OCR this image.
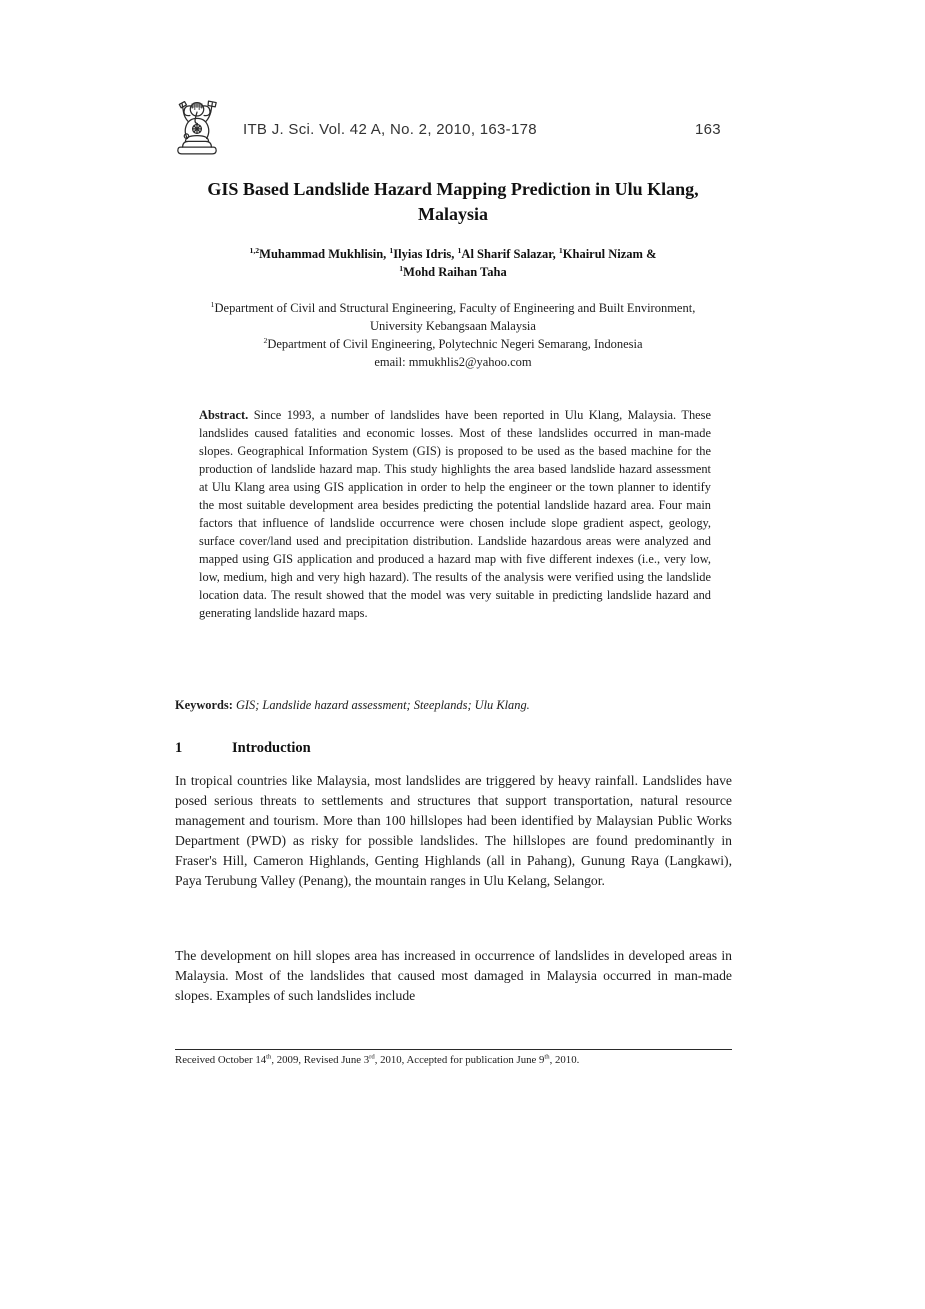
ITB J. Sci. Vol. 42 A, No. 2, 2010, 163-178	163
GIS Based Landslide Hazard Mapping Prediction in Ulu Klang, Malaysia
$^{1,2}$Muhammad Mukhlisin, $^1$Ilyias Idris, $^1$Al Sharif Salazar, $^1$Khairul Nizam &
$^1$Mohd Raihan Taha
$^1$Department of Civil and Structural Engineering, Faculty of Engineering and Built Environment, University Kebangsaan Malaysia
$^2$Department of Civil Engineering, Polytechnic Negeri Semarang, Indonesia
email: mmukhlis2@yahoo.com
Abstract. Since 1993, a number of landslides have been reported in Ulu Klang, Malaysia. These landslides caused fatalities and economic losses. Most of these landslides occurred in man-made slopes. Geographical Information System (GIS) is proposed to be used as the based machine for the production of landslide hazard map. This study highlights the area based landslide hazard assessment at Ulu Klang area using GIS application in order to help the engineer or the town planner to identify the most suitable development area besides predicting the potential landslide hazard area. Four main factors that influence of landslide occurrence were chosen include slope gradient aspect, geology, surface cover/land used and precipitation distribution. Landslide hazardous areas were analyzed and mapped using GIS application and produced a hazard map with five different indexes (i.e., very low, low, medium, high and very high hazard). The results of the analysis were verified using the landslide location data. The result showed that the model was very suitable in predicting landslide hazard and generating landslide hazard maps.
Keywords: GIS; Landslide hazard assessment; Steeplands; Ulu Klang.
1	Introduction

In tropical countries like Malaysia, most landslides are triggered by heavy rainfall. Landslides have posed serious threats to settlements and structures that support transportation, natural resource management and tourism. More than 100 hillslopes had been identified by Malaysian Public Works Department (PWD) as risky for possible landslides. The hillslopes are found predominantly in Fraser's Hill, Cameron Highlands, Genting Highlands (all in Pahang), Gunung Raya (Langkawi), Paya Terubung Valley (Penang), the mountain ranges in Ulu Kelang, Selangor.

The development on hill slopes area has increased in occurrence of landslides in developed areas in Malaysia. Most of the landslides that caused most damaged in Malaysia occurred in man-made slopes. Examples of such landslides include

Received October 14th, 2009, Revised June 3rd, 2010, Accepted for publication June 9th, 2010.
